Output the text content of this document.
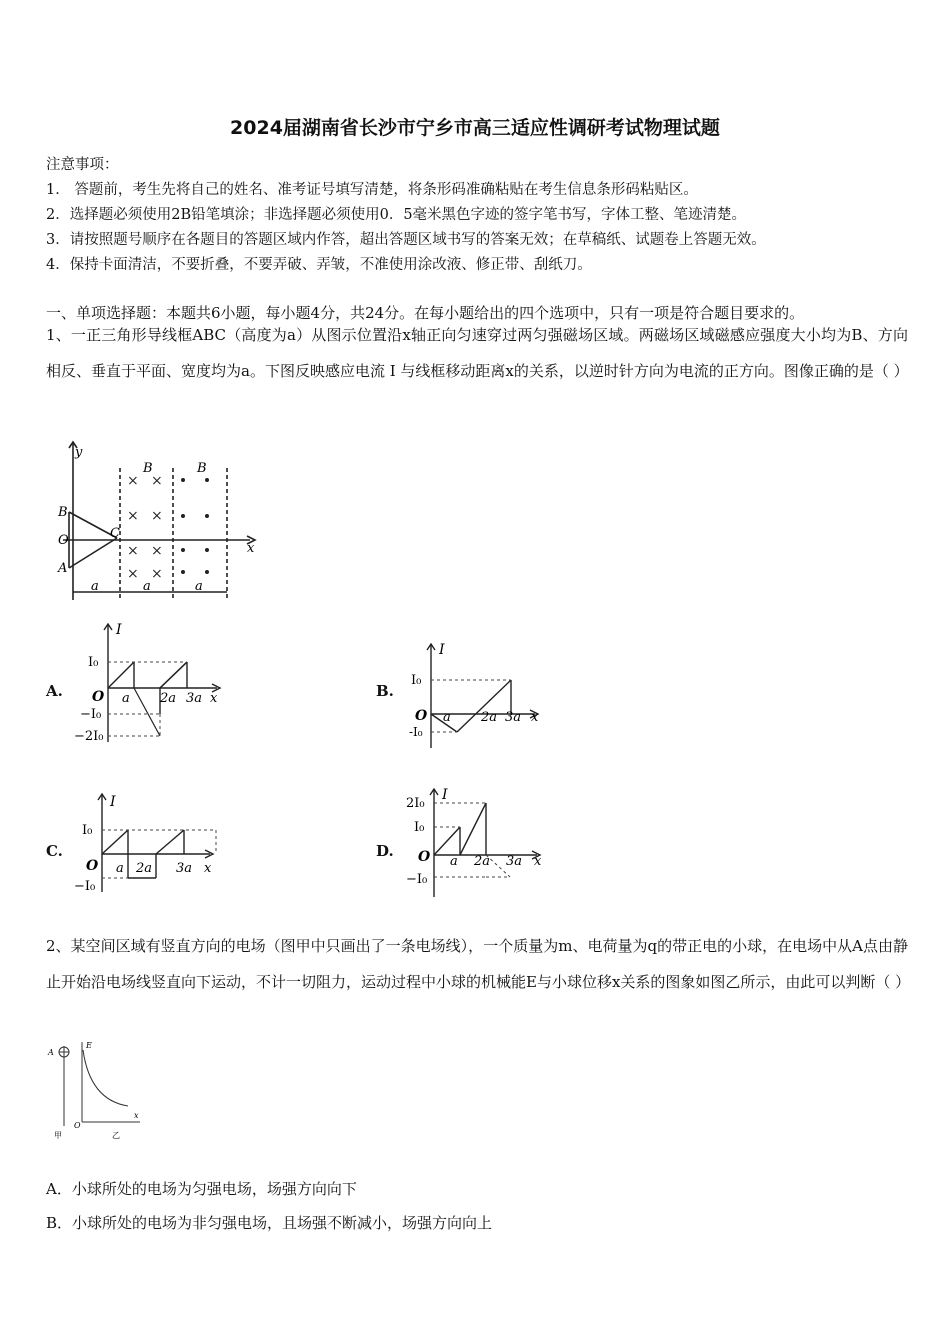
2024届湖南省长沙市宁乡市高三适应性调研考试物理试题
注意事项：
1． 答题前，考生先将自己的姓名、准考证号填写清楚，将条形码准确粘贴在考生信息条形码粘贴区。
2．选择题必须使用2B铅笔填涂；非选择题必须使用0．5毫米黑色字迹的签字笔书写，字体工整、笔迹清楚。
3．请按照题号顺序在各题目的答题区域内作答，超出答题区域书写的答案无效；在草稿纸、试题卷上答题无效。
4．保持卡面清洁，不要折叠，不要弄破、弄皱，不准使用涂改液、修正带、刮纸刀。
一、单项选择题：本题共6小题，每小题4分，共24分。在每小题给出的四个选项中，只有一项是符合题目要求的。
1、一正三角形导线框ABC（高度为a）从图示位置沿x轴正向匀速穿过两匀强磁场区域。两磁场区域磁感应强度大小均为B、方向相反、垂直于平面、宽度均为a。下图反映感应电流 I 与线框移动距离x的关系，以逆时针方向为电流的正方向。图像正确的是（ ）
y
x
B
O
A
C
B	B
× ×
× ×
× ×
× ×
a	a	a
A.	B.
C.	D.
I
I₀
O a 2a 3a x
−I₀
−2I₀
I
I₀
O a 2a 3a x
-I₀
I
I₀
O a 2a 3a x
−I₀
I
2I₀
I₀
O a 2a 3a x
−I₀
2、某空间区域有竖直方向的电场（图甲中只画出了一条电场线），一个质量为m、电荷量为q的带正电的小球，在电场中从A点由静止开始沿电场线竖直向下运动，不计一切阻力，运动过程中小球的机械能E与小球位移x关系的图象如图乙所示，由此可以判断（ ）
A
甲
E
O
x
乙
A．小球所处的电场为匀强电场，场强方向向下
B．小球所处的电场为非匀强电场，且场强不断减小，场强方向向上
